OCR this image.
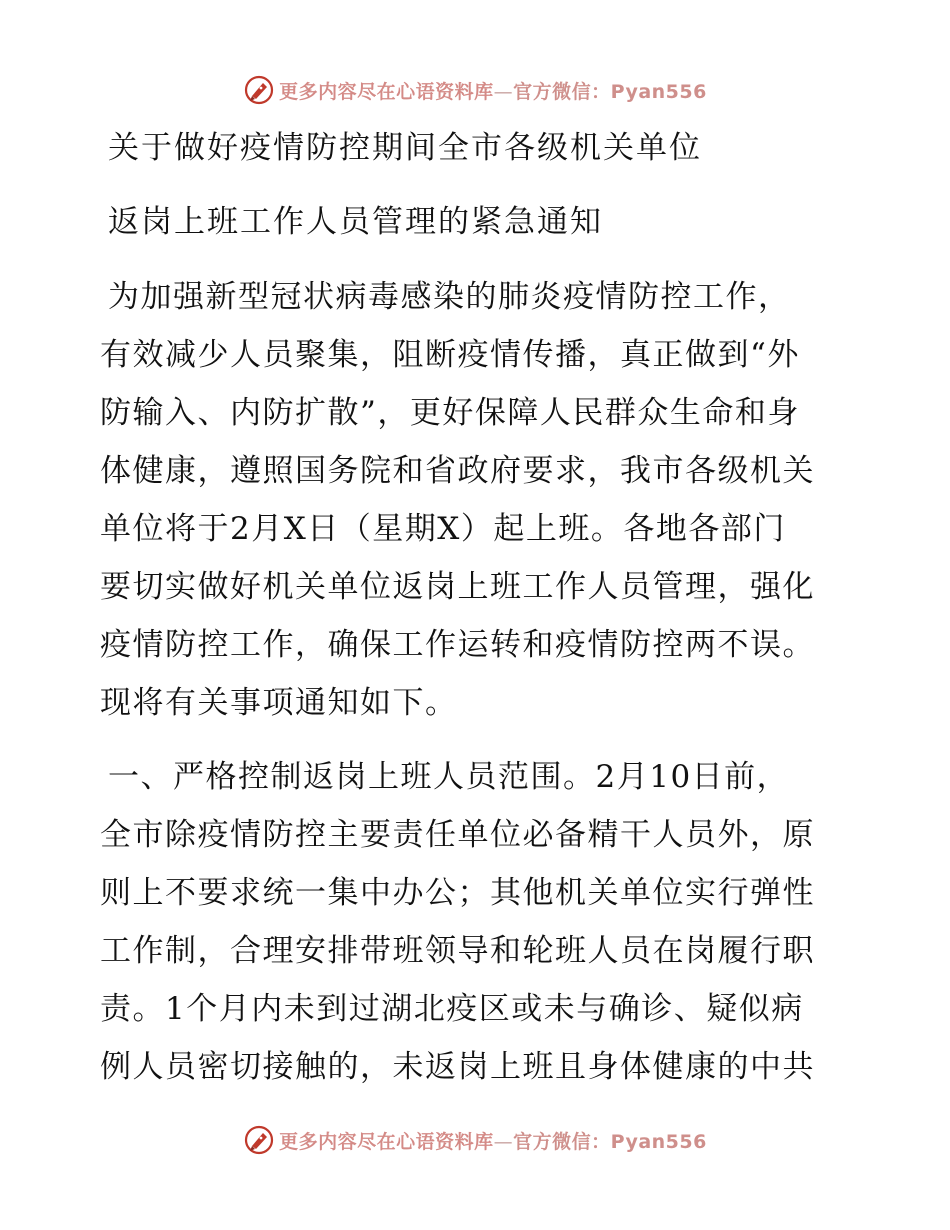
更多内容尽在心语资料库—官方微信：Pyan556
关于做好疫情防控期间全市各级机关单位
返岗上班工作人员管理的紧急通知
为加强新型冠状病毒感染的肺炎疫情防控工作，
有效减少人员聚集，阻断疫情传播，真正做到“外
防输入、内防扩散”，更好保障人民群众生命和身
体健康，遵照国务院和省政府要求，我市各级机关
单位将于2月X日（星期X）起上班。各地各部门
要切实做好机关单位返岗上班工作人员管理，强化
疫情防控工作，确保工作运转和疫情防控两不误。
现将有关事项通知如下。
一、严格控制返岗上班人员范围。2月10日前，
全市除疫情防控主要责任单位必备精干人员外，原
则上不要求统一集中办公；其他机关单位实行弹性
工作制，合理安排带班领导和轮班人员在岗履行职
责。1个月内未到过湖北疫区或未与确诊、疑似病
例人员密切接触的，未返岗上班且身体健康的中共
更多内容尽在心语资料库—官方微信：Pyan556
